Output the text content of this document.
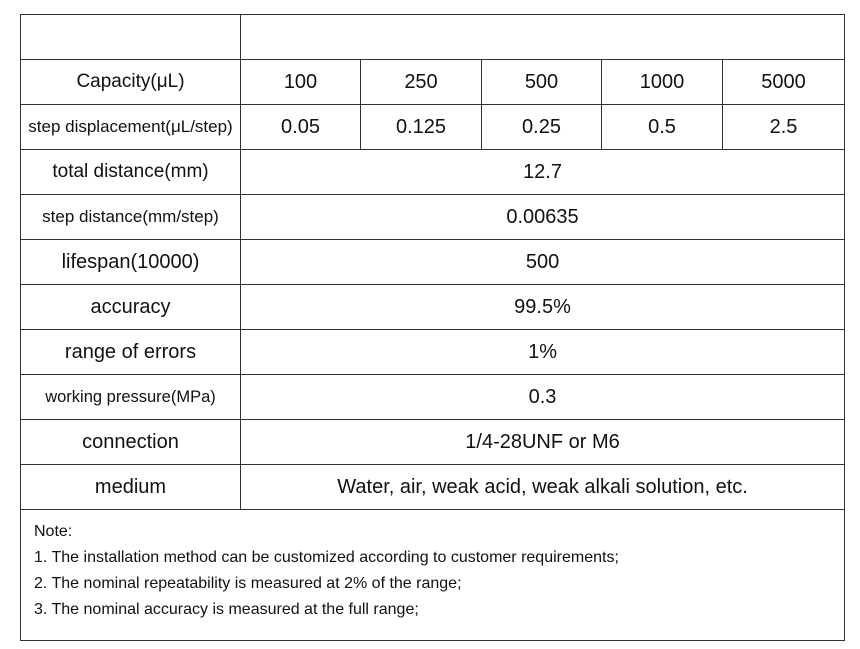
Capacity(μL)	100	250	500	1000	5000
step displacement(μL/step)	0.05	0.125	0.25	0.5	2.5
total distance(mm)	12.7				
step distance(mm/step)	0.00635				
lifespan(10000)	500				
accuracy	99.5%				
range of errors	1%				
working pressure(MPa)	0.3				
connection	1/4-28UNF or M6				
medium	Water, air, weak acid, weak alkali solution, etc.				

Note:
1. The installation method can be customized according to customer requirements;
2. The nominal repeatability is measured at 2% of the range;
3. The nominal accuracy is measured at the full range;					
